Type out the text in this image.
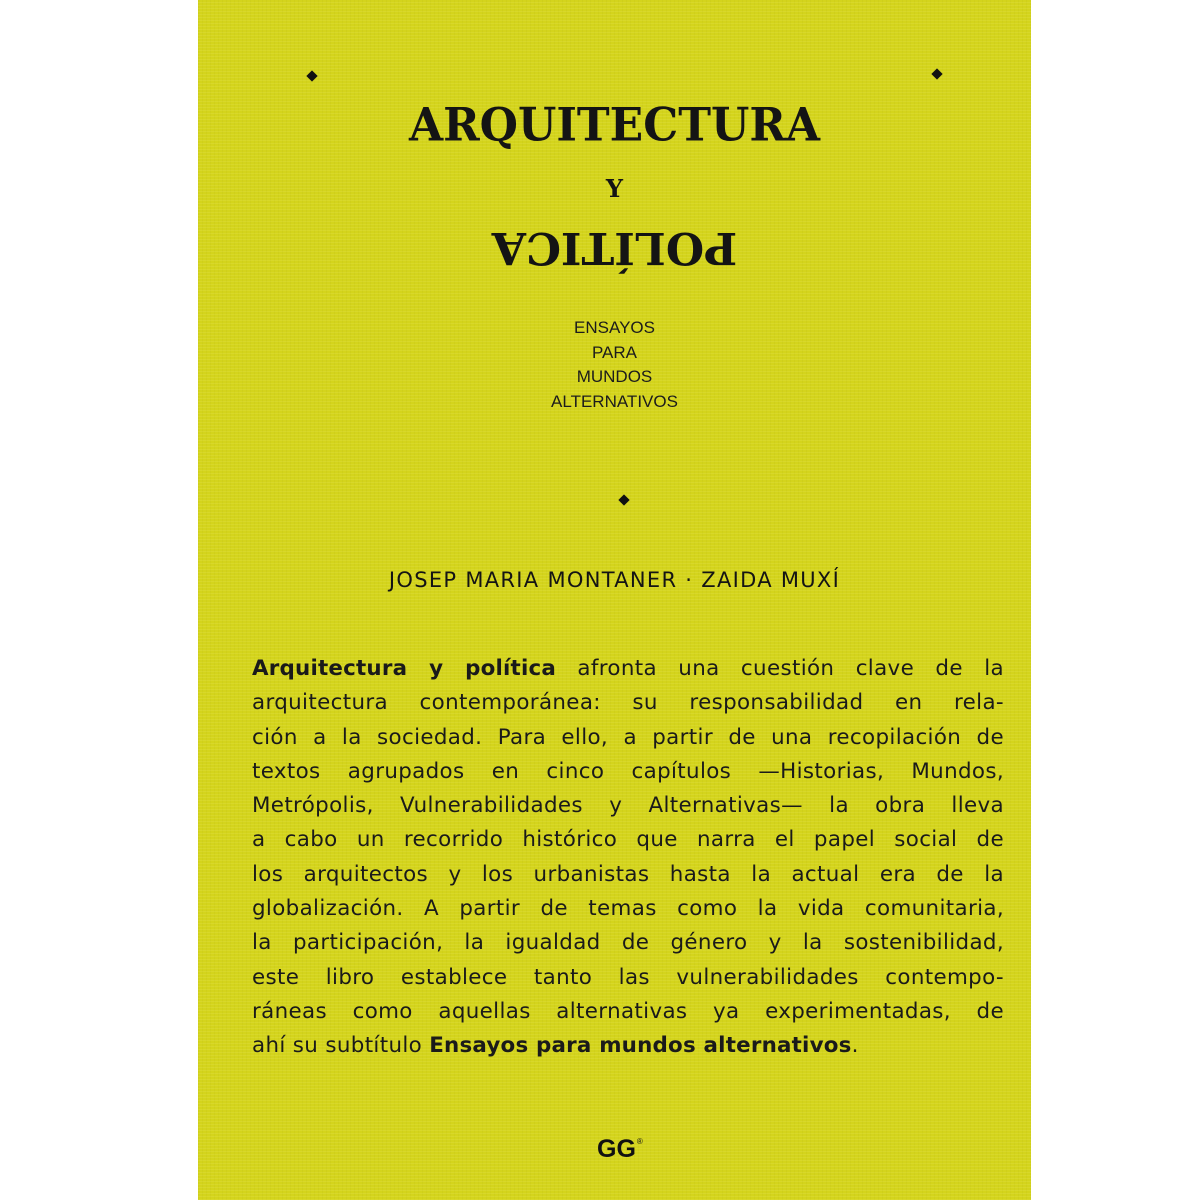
ARQUITECTURA
Y
POLÍTICA
ENSAYOS
PARA
MUNDOS
ALTERNATIVOS
JOSEP MARIA MONTANER · ZAIDA MUXÍ
Arquitectura y política afronta una cuestión clave de la
arquitectura contemporánea: su responsabilidad en rela-
ción a la sociedad. Para ello, a partir de una recopilación de
textos agrupados en cinco capítulos —Historias, Mundos,
Metrópolis, Vulnerabilidades y Alternativas— la obra lleva
a cabo un recorrido histórico que narra el papel social de
los arquitectos y los urbanistas hasta la actual era de la
globalización. A partir de temas como la vida comunitaria,
la participación, la igualdad de género y la sostenibilidad,
este libro establece tanto las vulnerabilidades contempo-
ráneas como aquellas alternativas ya experimentadas, de
ahí su subtítulo Ensayos para mundos alternativos.
GG®
